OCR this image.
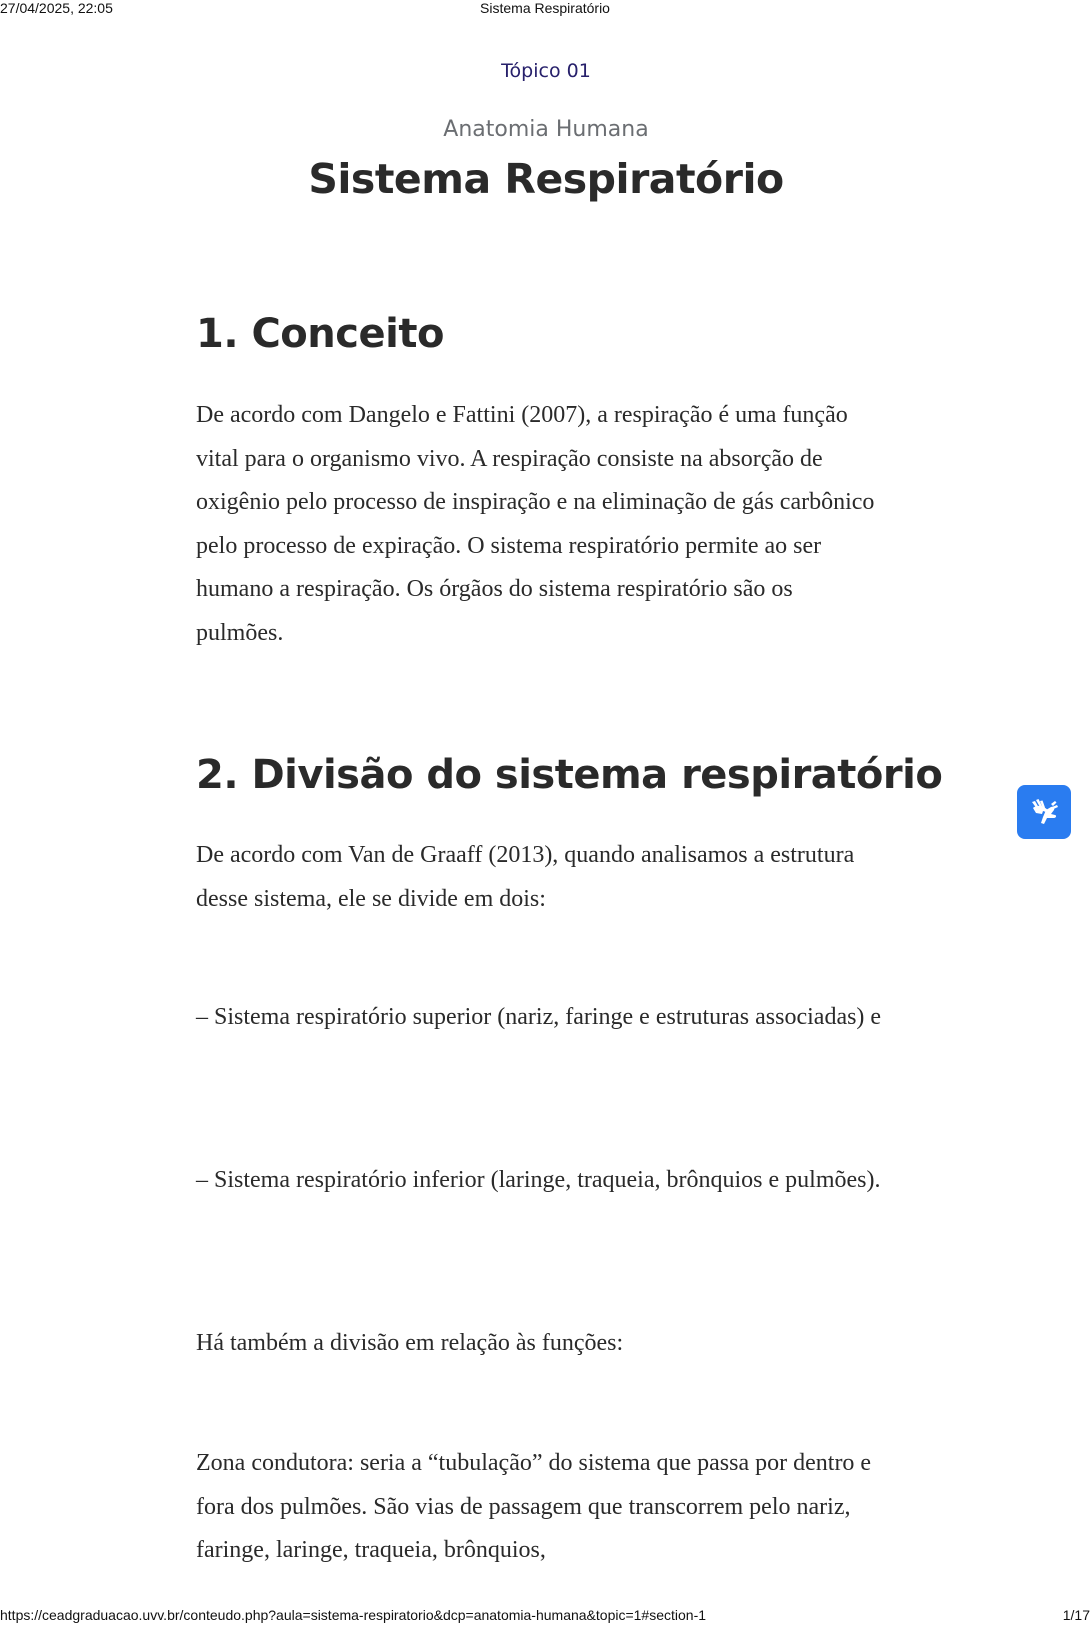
27/04/2025, 22:05	Sistema Respiratório
Tópico 01
Anatomia Humana
Sistema Respiratório
1. Conceito

De acordo com Dangelo e Fattini (2007), a respiração é uma função vital para o organismo vivo. A respiração consiste na absorção de oxigênio pelo processo de inspiração e na eliminação de gás carbônico pelo processo de expiração. O sistema respiratório permite ao ser humano a respiração. Os órgãos do sistema respiratório são os pulmões.

2. Divisão do sistema respiratório

De acordo com Van de Graaff (2013), quando analisamos a estrutura desse sistema, ele se divide em dois:

– Sistema respiratório superior (nariz, faringe e estruturas associadas) e

– Sistema respiratório inferior (laringe, traqueia, brônquios e pulmões).

Há também a divisão em relação às funções:

Zona condutora: seria a “tubulação” do sistema que passa por dentro e fora dos pulmões. São vias de passagem que transcorrem pelo nariz, faringe, laringe, traqueia, brônquios,

https://ceadgraduacao.uvv.br/conteudo.php?aula=sistema-respiratorio&dcp=anatomia-humana&topic=1#section-1	1/17
